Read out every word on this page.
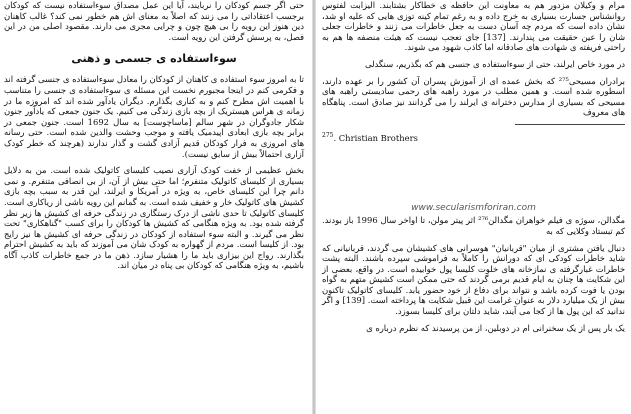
حتی اگر جسم کودکان را نربایند، آیا این عمل مصداق سوءاستفاده نیست که کودکان برجسب اعتقاداتی را می زنند که اصلاً به معنای اش هم خطور نمی کند؟ غالب کاهنان دین هنوز این رویه را بی هیچ چون و چرایی مجری می دارند. مقصود اصلی من در این فصل، به پرسش گرفتن این رویه است.

سوءاستفاده ی جسمی و ذهنی

تا به امروز سوء استفاده ی کاهنان از کودکان را معادل سوءاستفاده ی جنسی گرفته اند و فکرمی کنم در اینجا مجبورم نخست این مسئله ی سوءاستفاده ی جنسی را متناسب با اهمیت اش مطرح کنم و به کناری بگذارم. دیگران یادآور شده اند که امروزه ما در زمانه ی هراس هیستریک از بچه بازی زندگی می کنیم. یک جنون جمعی که یادآور جنون شکار جادوگران در شهر سالم [ماساچوست] به سال 1692 است. جنون جمعی در برابر بچه بازی ابعادی اپیدمیک یافته و موجب وحشت والدین شده است. حتی رسانه های امروزی به فرار کودکان قدیم آزادی گشت و گذار ندارند (هرچند که خطر کودک آزاری احتمالاً بیش از سابق نیست).

بخش عظیمی از خفت کودک آزاری نصیب کلیسای کاتولیک شده است. من به دلایل بسیاری از کلیسای کاتولیک متنفرم؛ اما حتی بیش از آن، از بی انصافی متنفرم. و نمی دانم چرا این کلیسای خاص، به ویژه در آمریکا و ایرلند، این قدر به سبب بچه بازی کشیش های کاتولیک خار و خفیف شده است. به گمانم این رویه ناشی از ریاکاری است. کلیسای کاتولیک تا حدی ناشی از درک رستگاری در زندگی حرفه ای کشیش ها زیر نظر گرفته شده بود. به ویژه هنگامی که کشیش ها کودکان را برای کسب "گناهکاری" تحت نظر می گیرند. و البته سوء استفاده از کودکان در زندگی حرفه ای کشیش ها نیز رایج بود. از کلیسا است. مردم از گهواره به کودک شان می آموزند که باید به کشیش احترام بگذارند. رواج این بیزاری باید ما را هشیار سازد. ذهن ما در جمع خاطرات کاذب آگاه باشیم، به ویژه هنگامی که کودکان بی پناه در میان اند.

مرام و وکیلان مزدور هم به معاونت این حافظه ی خطاکار بشتابند. الیزابت لفتوس روانشناس جسارت بسیاری به خرج داده و به رغم تمام کینه توزی هایی که علیه او شد، نشان داده است که مردم چه آسان دست به جعل خاطرات می زنند و خاطرات جعلی شان را عین حقیقت می پندارند. [137] جای تعجب نیست که هیئت منصفه ها هم به راحتی فریفته ی شهادت های صادقانه اما کاذب شهود می شوند.

در مورد خاص ایرلند، حتی از سوءاستفاده ی جنسی هم که بگذریم، سنگدلی

برادران مسیحی²⁷⁵ که بخش عمده ای از آموزش پسران آن کشور را بر عهده دارند، اسطوره شده است. و همین مطلب در مورد راهبه های رحمی سادیستی راهبه های مسیحی که بسیاری از مدارس دخترانه ی ایرلند را می گردانند نیز صادق است. پناهگاه های معروف

$^{275}$. Christian Brothers

www.secularismforiran.com

مگدالن، سوژه ی فیلم خواهران مگدالن²⁷⁶ اثر پیتر مولن، تا اواخر سال 1996 باز بودند. کم تبستاد وکلایی که به

دنبال یافتن مشتری از میان "قربانیان" هوسرانی های کشیشان می گردند، قربانیانی که شاید خاطرات کودکی ای که دورانش را کاملاً به فراموشی سپرده باشند. البته پشت خاطرات غبارگرفته ی نمازخانه های خلوت کلیسا پول خوابیده است. در واقع، بعضی از این شکایت ها چنان به ایام قدیم برمی گردند که حتی ممکن است کشیش متهم به گواه بودن یا فوت کرده باشد و نتواند برای دفاع از خود حضور یابد. کلیسای کاتولیک تاکنون بیش از یک میلیارد دلار به عنوان غرامت این قبیل شکایت ها پرداخته است. [139] و اگر ندانید که این پول ها از کجا می آیند، شاید دلتان برای کلیسا بسوزد.

یک بار پس از یک سخنرانی ام در دوبلین، از من پرسیدند که نظرم درباره ی
